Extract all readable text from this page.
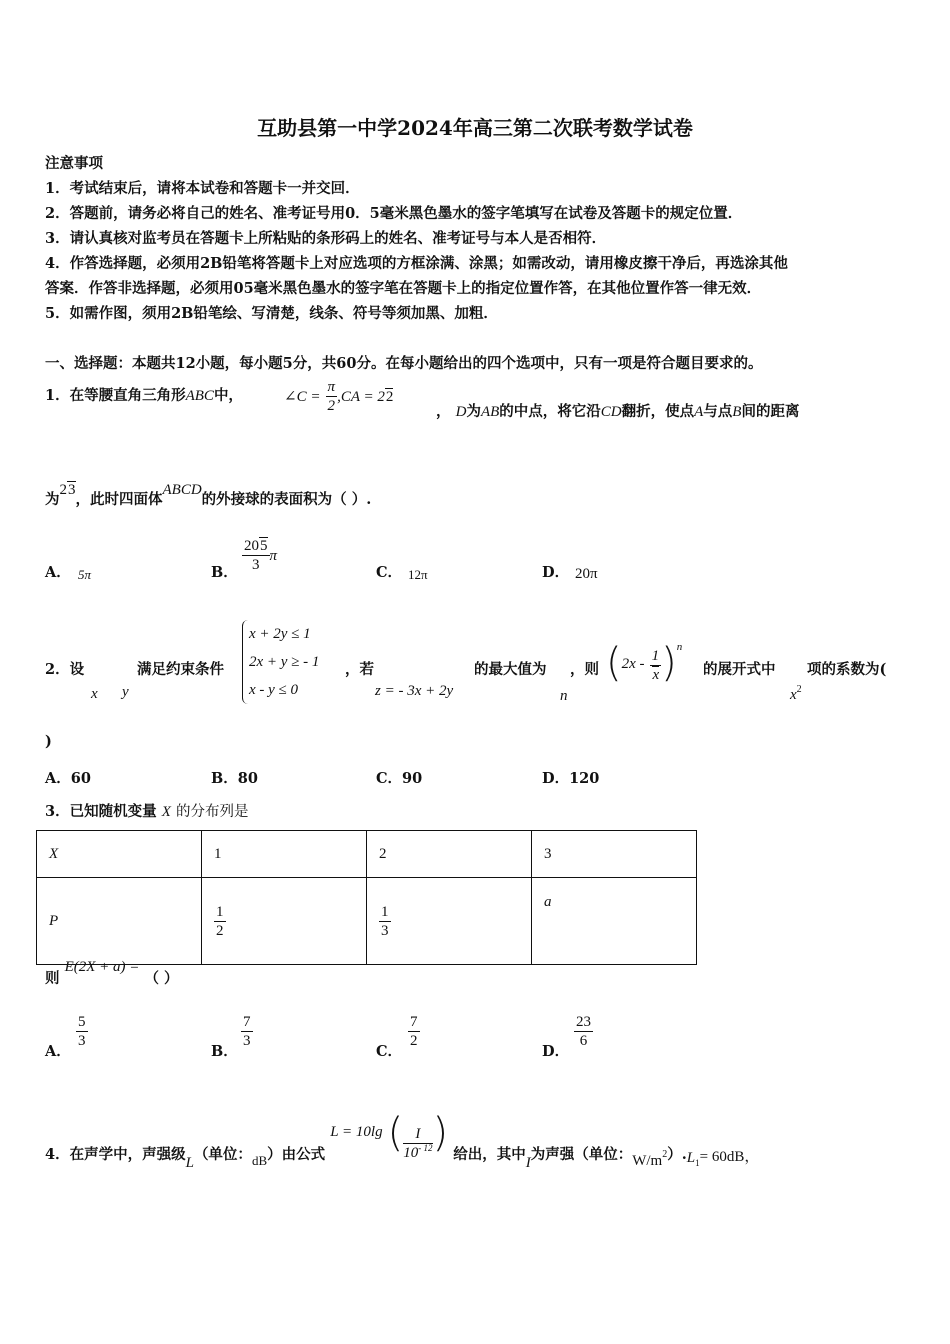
互助县第一中学2024年高三第二次联考数学试卷
注意事项
1．考试结束后，请将本试卷和答题卡一并交回．
2．答题前，请务必将自己的姓名、准考证号用0．5毫米黑色墨水的签字笔填写在试卷及答题卡的规定位置．
3．请认真核对监考员在答题卡上所粘贴的条形码上的姓名、准考证号与本人是否相符．
4．作答选择题，必须用2B铅笔将答题卡上对应选项的方框涂满、涂黑；如需改动，请用橡皮擦干净后，再选涂其他
答案．作答非选择题，必须用05毫米黑色墨水的签字笔在答题卡上的指定位置作答，在其他位置作答一律无效．
5．如需作图，须用2B铅笔绘、写清楚，线条、符号等须加黑、加粗．
一、选择题：本题共12小题，每小题5分，共60分。在每小题给出的四个选项中，只有一项是符合题目要求的。
1．在等腰直角三角形ABC中，	∠C = $\frac{\pi}{2} ,CA = 22$
， D为AB的中点，将它沿CD翻折，使点A与点B间的距离
为23，此时四面体ABCD的外接球的表面积为（ ）.
A． 5π	B． $\frac{205}{3}$ π
C． 12π	D． 20π
2．设
x y
满足约束条件
x + 2y ≤ 1
2x + y ≥ - 1
x - y ≤ 0
，若
z = - 3x + 2y
的最大值为
n
，则 $(2x - \frac{1}{x} )^n$
的展开式中
$x^2$
项的系数为(
)
A．60	B．80	C．90	D．120
3．已知随机变量 X 的分布列是
X	1	2	3
P	$\frac{1}{2}$	$\frac{1}{3}$	a
则 E(2X + a) = （ ）
A．
$\frac{5}{3}$
B．
$\frac{7}{3}$
C．
$\frac{7}{2}$
D．
$\frac{23}{6}$
4．在声学中，声强级L（单位：$_{dB}$）由公式 L = 10lg ( $\frac{I}{10^{- 12}}$ ) 给出，其中I为声强（单位：$W/m_2).L_1= 60dB$，
